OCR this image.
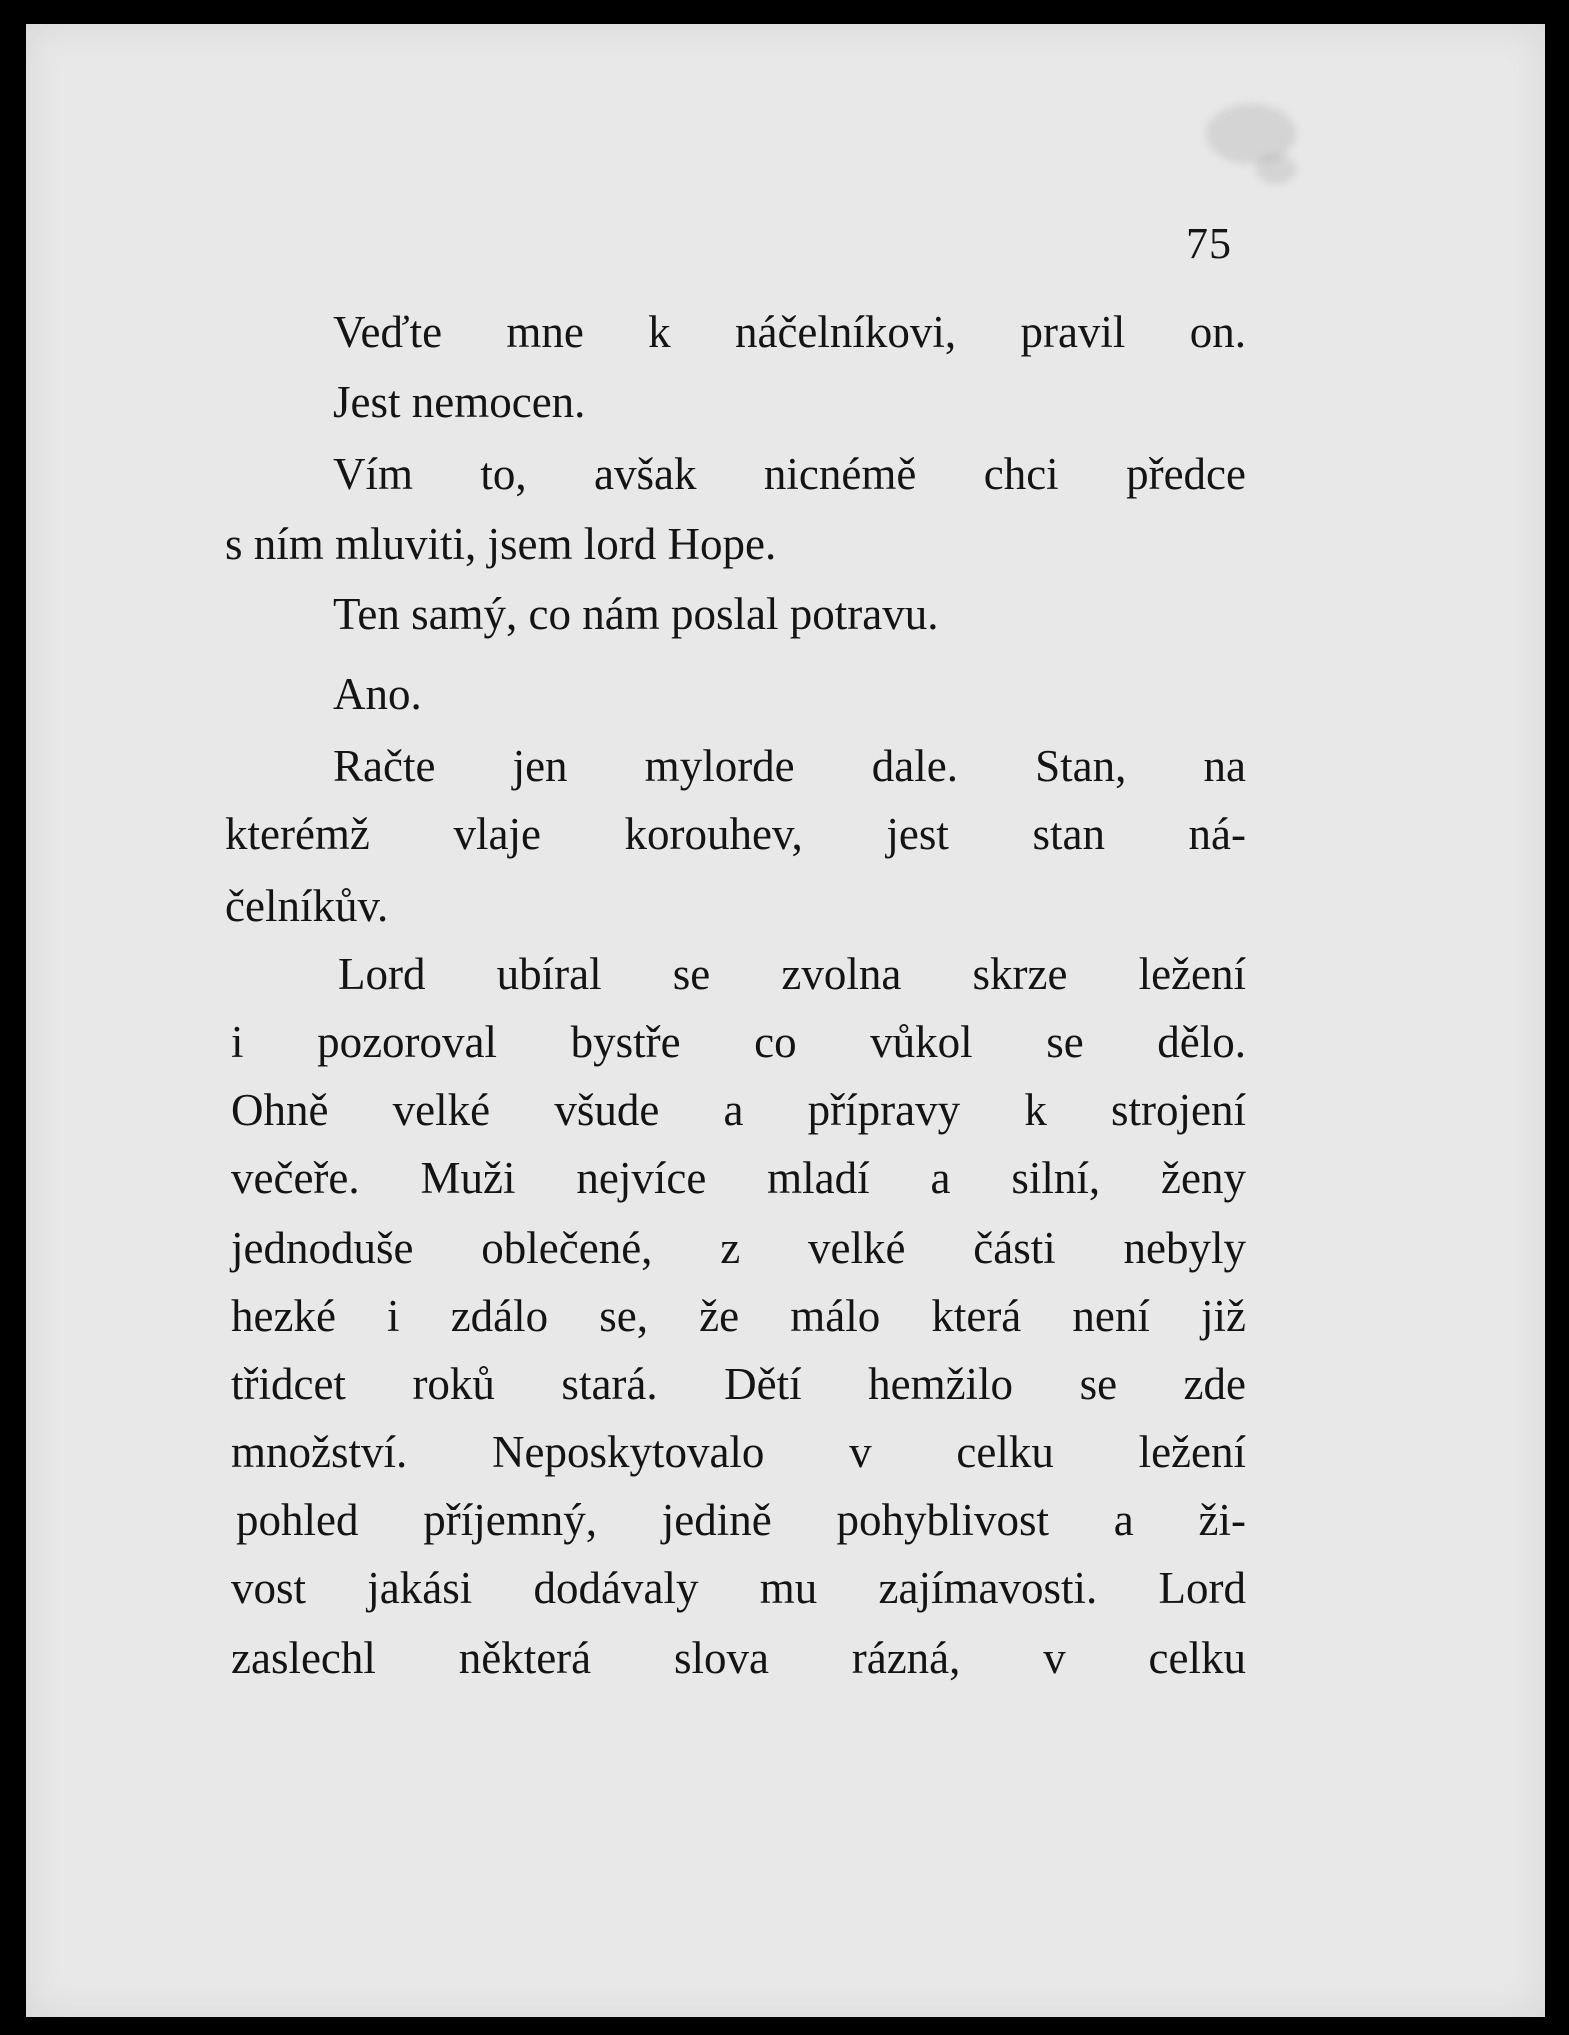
75
Veďte mne k náčelníkovi, pravil on.
Jest nemocen.
Vím to, avšak nicnémě chci předce
s ním mluviti, jsem lord Hope.
Ten samý, co nám poslal potravu.
Ano.
Račte jen mylorde dale. Stan, na
kterémž vlaje korouhev, jest stan ná-
čelníkův.
Lord ubíral se zvolna skrze ležení
i pozoroval bystře co vůkol se dělo.
Ohně velké všude a přípravy k strojení
večeře. Muži nejvíce mladí a silní, ženy
jednoduše oblečené, z velké části nebyly
hezké i zdálo se, že málo která není již
třidcet roků stará. Dětí hemžilo se zde
množství. Neposkytovalo v celku ležení
pohled příjemný, jedině pohyblivost a ži-
vost jakási dodávaly mu zajímavosti. Lord
zaslechl některá slova rázná, v celku
